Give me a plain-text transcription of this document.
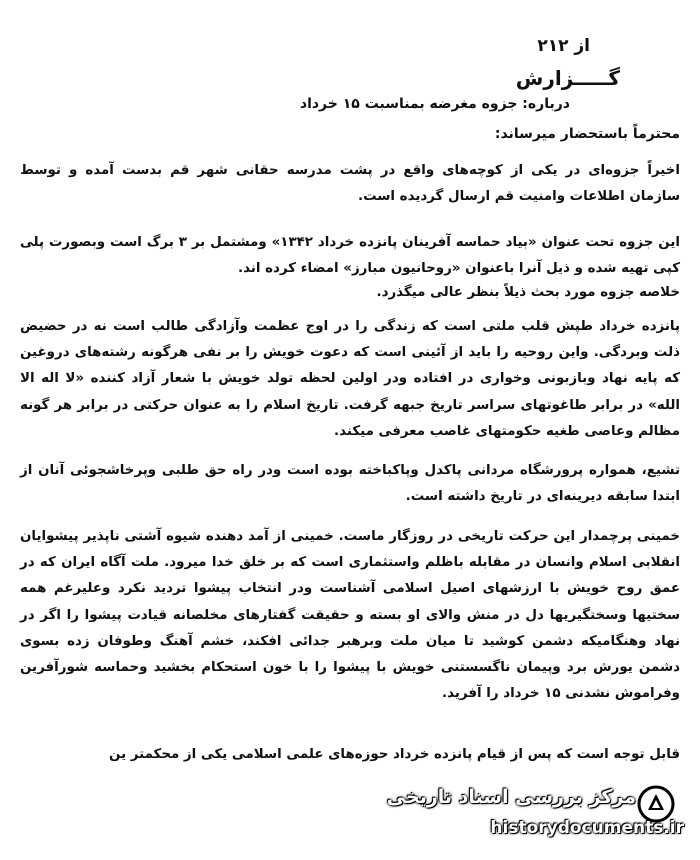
از ۲۱۲
گـــــزارش
درباره: جزوه مغرضه بمناسبت ۱۵ خرداد
محترماً باستحضار میرساند:
اخیراً جزوه‌ای در یکی از کوچه‌های واقع در پشت مدرسه حقانی شهر قم بدست آمده و توسط سازمان اطلاعات وامنیت قم ارسال گردیده است.
این جزوه تحت عنوان «بیاد حماسه آفرینان پانزده خرداد ۱۳۴۲» ومشتمل بر ۳ برگ است وبصورت پلی کپی تهیه شده و ذیل آنرا باعنوان «روحانیون مبارز» امضاء کرده اند.
خلاصه جزوه مورد بحث ذیلاً بنظر عالی میگذرد.
پانزده خرداد طپش قلب ملتی است که زندگی را در اوج عظمت وآزادگی طالب است نه در حضیض ذلت وبردگی. واین روحیه را باید از آئینی است که دعوت خویش را بر نفی هرگونه رشته‌های دروغین که پایه نهاد وبازبونی وخواری در افتاده ودر اولین لحظه تولد خویش با شعار آزاد کننده «لا اله الا الله» در برابر طاغوتهای سراسر تاریخ جبهه گرفت. تاریخ اسلام را به عنوان حرکتی در برابر هر گونه مظالم وعاصی طغیه حکومتهای غاصب معرفی میکند.
تشیع، همواره پرورشگاه مردانی پاکدل وپاکباخته بوده است ودر راه حق طلبی وپرخاشجوئی آنان از ابتدا سابقه دیرینه‌ای در تاریخ داشته است.
خمینی پرچمدار این حرکت تاریخی در روزگار ماست. خمینی از آمد دهنده شیوه آشتی ناپذیر پیشوایان انقلابی اسلام وانسان در مقابله باظلم واستثماری است که بر خلق خدا میرود. ملت آگاه ایران که در عمق روح خویش با ارزشهای اصیل اسلامی آشناست ودر انتخاب پیشوا تردید نکرد وعلیرغم همه سختیها وسختگیریها دل در منش والای او بسته و حقیقت گفتارهای مخلصانه قیادت پیشوا را اگر در نهاد وهنگامیکه دشمن کوشید تا میان ملت وبرهبر جدائی افکند، خشم آهنگ وطوفان زده بسوی دشمن یورش برد وپیمان ناگسستنی خویش با پیشوا را با خون استحکام بخشید وحماسه شورآفرین وفراموش نشدنی ۱۵ خرداد را آفرید.
قابل توجه است که پس از قیام پانزده خرداد حوزه‌های علمی اسلامی یکی از محکمتر ین
مرکز بررسی اسناد تاریخی
historydocuments.ir
